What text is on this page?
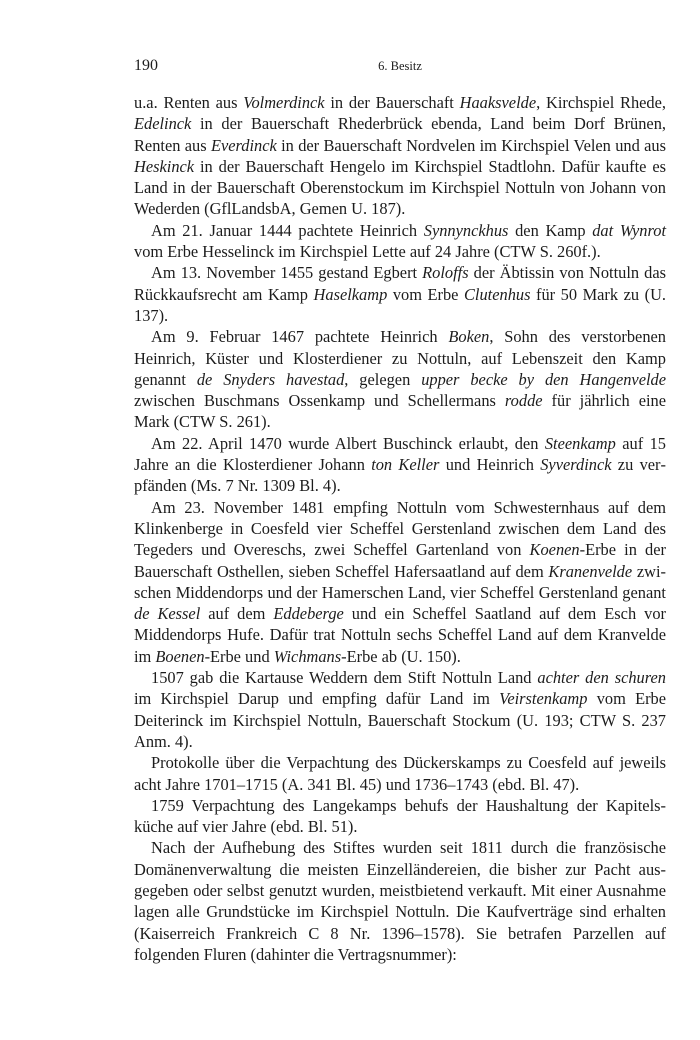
190	6. Besitz

u.a. Renten aus Volmerdinck in der Bauerschaft Haaksvelde, Kirchspiel Rhede, Edelinck in der Bauerschaft Rhederbrück ebenda, Land beim Dorf Brünen, Renten aus Everdinck in der Bauerschaft Nordvelen im Kirchspiel Velen und aus Heskinck in der Bauerschaft Hengelo im Kirchspiel Stadtlohn. Dafür kaufte es Land in der Bauerschaft Oberenstockum im Kirchspiel Nottuln von Johann von Wederden (GflLandsbA, Gemen U. 187).

Am 21. Januar 1444 pachtete Heinrich Synnynckhus den Kamp dat Wynrot vom Erbe Hesselinck im Kirchspiel Lette auf 24 Jahre (CTW S. 260f.).

Am 13. November 1455 gestand Egbert Roloffs der Äbtissin von Nottuln das Rückkaufsrecht am Kamp Haselkamp vom Erbe Clutenhus für 50 Mark zu (U. 137).

Am 9. Februar 1467 pachtete Heinrich Boken, Sohn des verstorbenen Heinrich, Küster und Klosterdiener zu Nottuln, auf Lebenszeit den Kamp genannt de Snyders havestad, gelegen upper becke by den Hangenvelde zwischen Buschmans Ossenkamp und Schellermans rodde für jährlich eine Mark (CTW S. 261).

Am 22. April 1470 wurde Albert Buschinck erlaubt, den Steenkamp auf 15 Jahre an die Klosterdiener Johann ton Keller und Heinrich Syverdinck zu verpfänden (Ms. 7 Nr. 1309 Bl. 4).

Am 23. November 1481 empfing Nottuln vom Schwesternhaus auf dem Klinkenberge in Coesfeld vier Scheffel Gerstenland zwischen dem Land des Tegeders und Overeschs, zwei Scheffel Gartenland von Koenen-Erbe in der Bauerschaft Osthellen, sieben Scheffel Hafersaatland auf dem Kranenvelde zwischen Middendorps und der Hamerschen Land, vier Scheffel Gerstenland genant de Kessel auf dem Eddeberge und ein Scheffel Saatland auf dem Esch vor Middendorps Hufe. Dafür trat Nottuln sechs Scheffel Land auf dem Kranvelde im Boenen-Erbe und Wichmans-Erbe ab (U. 150).

1507 gab die Kartause Weddern dem Stift Nottuln Land achter den schuren im Kirchspiel Darup und empfing dafür Land im Veirstenkamp vom Erbe Deiterinck im Kirchspiel Nottuln, Bauerschaft Stockum (U. 193; CTW S. 237 Anm. 4).

Protokolle über die Verpachtung des Dückerskamps zu Coesfeld auf jeweils acht Jahre 1701–1715 (A. 341 Bl. 45) und 1736–1743 (ebd. Bl. 47).

1759 Verpachtung des Langekamps behufs der Haushaltung der Kapitelsküche auf vier Jahre (ebd. Bl. 51).

Nach der Aufhebung des Stiftes wurden seit 1811 durch die französische Domänenverwaltung die meisten Einzelländereien, die bisher zur Pacht ausgegeben oder selbst genutzt wurden, meistbietend verkauft. Mit einer Ausnahme lagen alle Grundstücke im Kirchspiel Nottuln. Die Kaufverträge sind erhalten (Kaiserreich Frankreich C 8 Nr. 1396–1578). Sie betrafen Parzellen auf folgenden Fluren (dahinter die Vertragsnummer):
